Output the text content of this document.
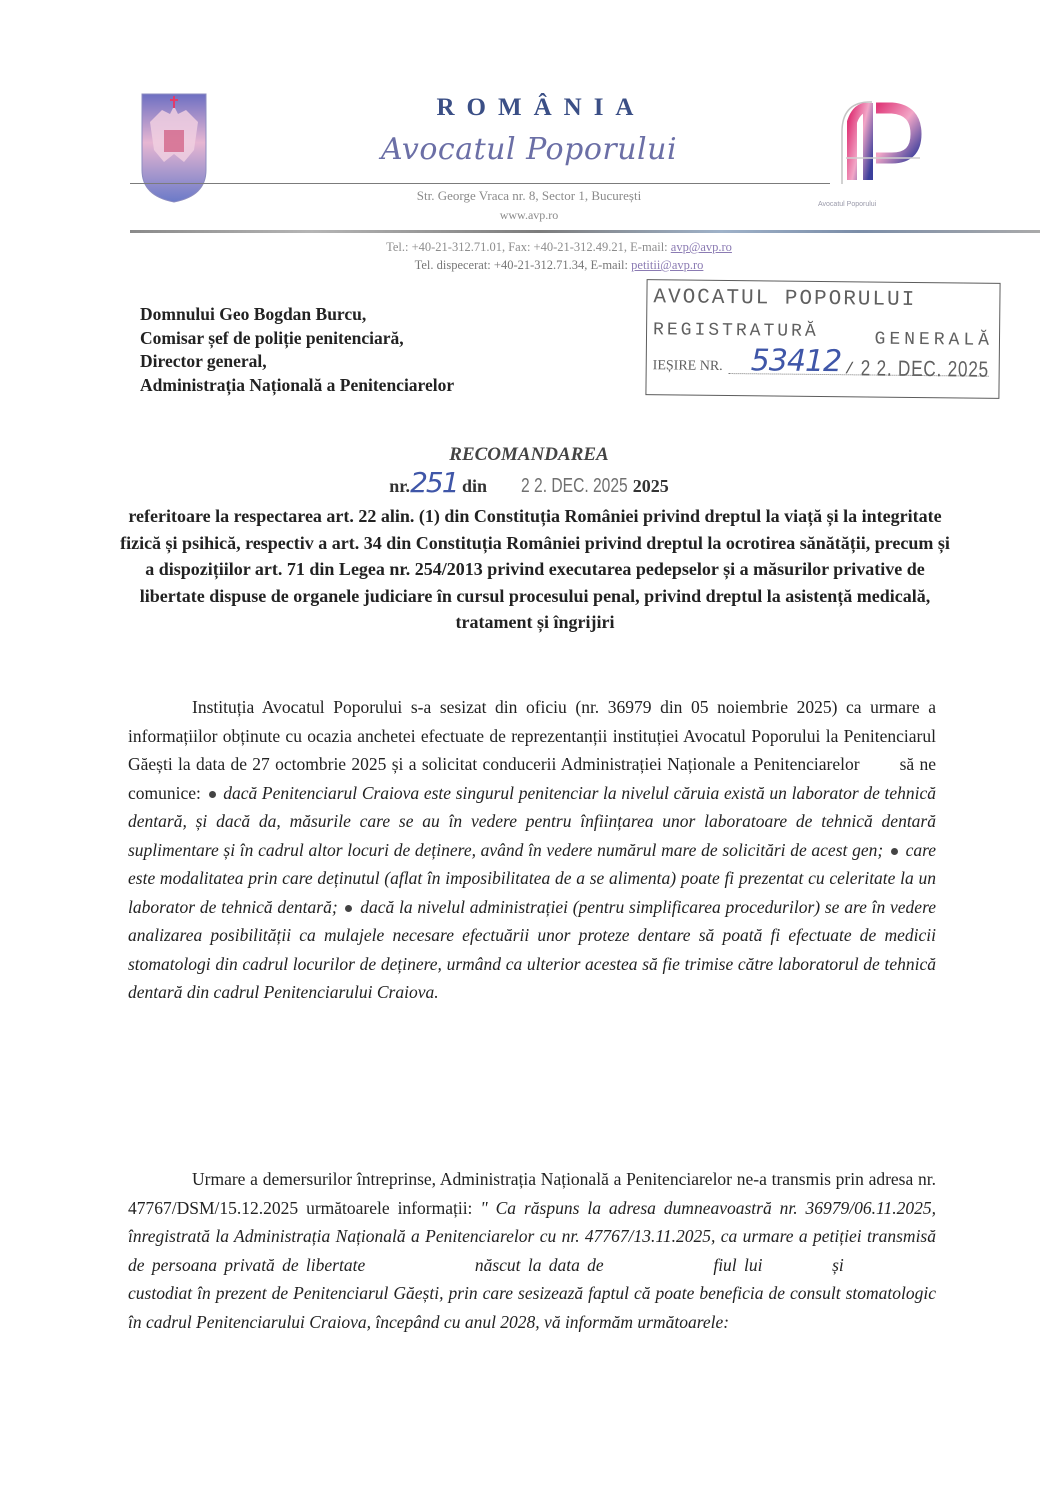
ROMÂNIA
Avocatul Poporului
Avocatul Poporului
Str. George Vraca nr. 8, Sector 1, București
www.avp.ro
Tel.: +40-21-312.71.01, Fax: +40-21-312.49.21, E-mail: avp@avp.ro
Tel. dispecerat: +40-21-312.71.34, E-mail: petitii@avp.ro
Domnului Geo Bogdan Burcu,
Comisar șef de poliție penitenciară,
Director general,
Administrația Națională a Penitenciarelor
AVOCATUL POPORULUI
REGISTRATURĂ	GENERALĂ
IEȘIRE NR. 53412 / 2 2. DEC. 2025
RECOMANDAREA
nr.251 din 2 2. DEC. 2025 2025
referitoare la respectarea art. 22 alin. (1) din Constituția României privind dreptul la viață și la integritate fizică și psihică, respectiv a art. 34 din Constituția României privind dreptul la ocrotirea sănătății, precum și a dispozițiilor art. 71 din Legea nr. 254/2013 privind executarea pedepselor și a măsurilor privative de libertate dispuse de organele judiciare în cursul procesului penal, privind dreptul la asistență medicală, tratament și îngrijiri
Instituția Avocatul Poporului s-a sesizat din oficiu (nr. 36979 din 05 noiembrie 2025) ca urmare a informațiilor obținute cu ocazia anchetei efectuate de reprezentanții instituției Avocatul Poporului la Penitenciarul Găești la data de 27 octombrie 2025 și a solicitat conducerii Administrației Naționale a Penitenciarelor să ne comunice: dacă Penitenciarul Craiova este singurul penitenciar la nivelul căruia există un laborator de tehnică dentară, și dacă da, măsurile care se au în vedere pentru înființarea unor laboratoare de tehnică dentară suplimentare și în cadrul altor locuri de deținere, având în vedere numărul mare de solicitări de acest gen; care este modalitatea prin care deținutul (aflat în imposibilitatea de a se alimenta) poate fi prezentat cu celeritate la un laborator de tehnică dentară; dacă la nivelul administrației (pentru simplificarea procedurilor) se are în vedere analizarea posibilității ca mulajele necesare efectuării unor proteze dentare să poată fi efectuate de medicii stomatologi din cadrul locurilor de deținere, urmând ca ulterior acestea să fie trimise către laboratorul de tehnică dentară din cadrul Penitenciarului Craiova.
Urmare a demersurilor întreprinse, Administrația Națională a Penitenciarelor ne-a transmis prin adresa nr. 47767/DSM/15.12.2025 următoarele informații: " Ca răspuns la adresa dumneavoastră nr. 36979/06.11.2025, înregistrată la Administrația Națională a Penitenciarelor cu nr. 47767/13.11.2025, ca urmare a petiției transmisă de persoana privată de libertate	născut la data de	fiul lui	și  custodiat în prezent de Penitenciarul Găești, prin care sesizează faptul că poate beneficia de consult stomatologic în cadrul Penitenciarului Craiova, începând cu anul 2028, vă informăm următoarele:
